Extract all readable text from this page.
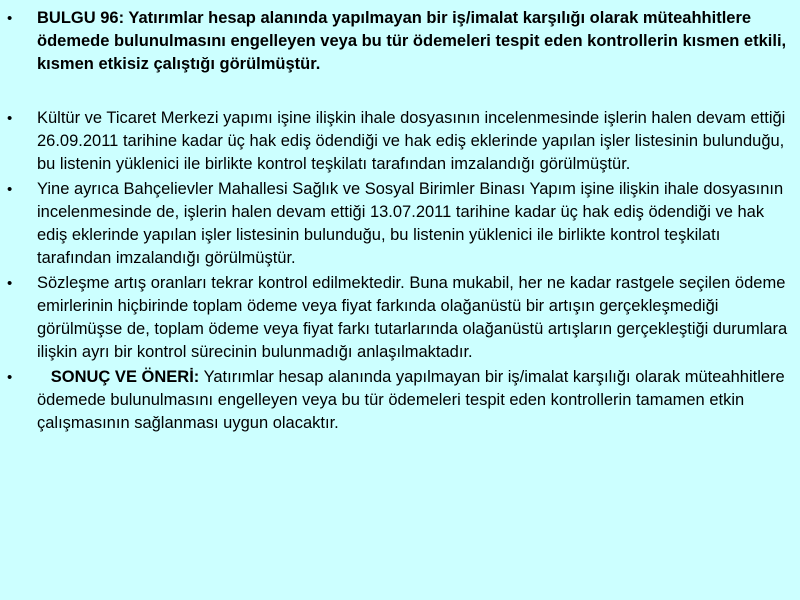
•	BULGU 96: Yatırımlar hesap alanında yapılmayan bir iş/imalat karşılığı olarak müteahhitlere ödemede bulunulmasını engelleyen veya bu tür ödemeleri tespit eden kontrollerin kısmen etkili, kısmen etkisiz çalıştığı görülmüştür.
•	Kültür ve Ticaret Merkezi yapımı işine ilişkin ihale dosyasının incelenmesinde işlerin halen devam ettiği 26.09.2011 tarihine kadar üç hak ediş ödendiği ve hak ediş eklerinde yapılan işler listesinin bulunduğu, bu listenin yüklenici ile birlikte kontrol teşkilatı tarafından imzalandığı görülmüştür.
•	Yine ayrıca Bahçelievler Mahallesi Sağlık ve Sosyal Birimler Binası Yapım işine ilişkin ihale dosyasının incelenmesinde de, işlerin halen devam ettiği 13.07.2011 tarihine kadar üç hak ediş ödendiği ve hak ediş eklerinde yapılan işler listesinin bulunduğu, bu listenin yüklenici ile birlikte kontrol teşkilatı tarafından imzalandığı görülmüştür.
•	Sözleşme artış oranları tekrar kontrol edilmektedir. Buna mukabil, her ne kadar rastgele seçilen ödeme emirlerinin hiçbirinde toplam ödeme veya fiyat farkında olağanüstü bir artışın gerçekleşmediği görülmüşse de, toplam ödeme veya fiyat farkı tutarlarında olağanüstü artışların gerçekleştiği durumlara ilişkin ayrı bir kontrol sürecinin bulunmadığı anlaşılmaktadır.
•	SONUÇ VE ÖNERİ: Yatırımlar hesap alanında yapılmayan bir iş/imalat karşılığı olarak müteahhitlere ödemede bulunulmasını engelleyen veya bu tür ödemeleri tespit eden kontrollerin tamamen etkin çalışmasının sağlanması uygun olacaktır.
